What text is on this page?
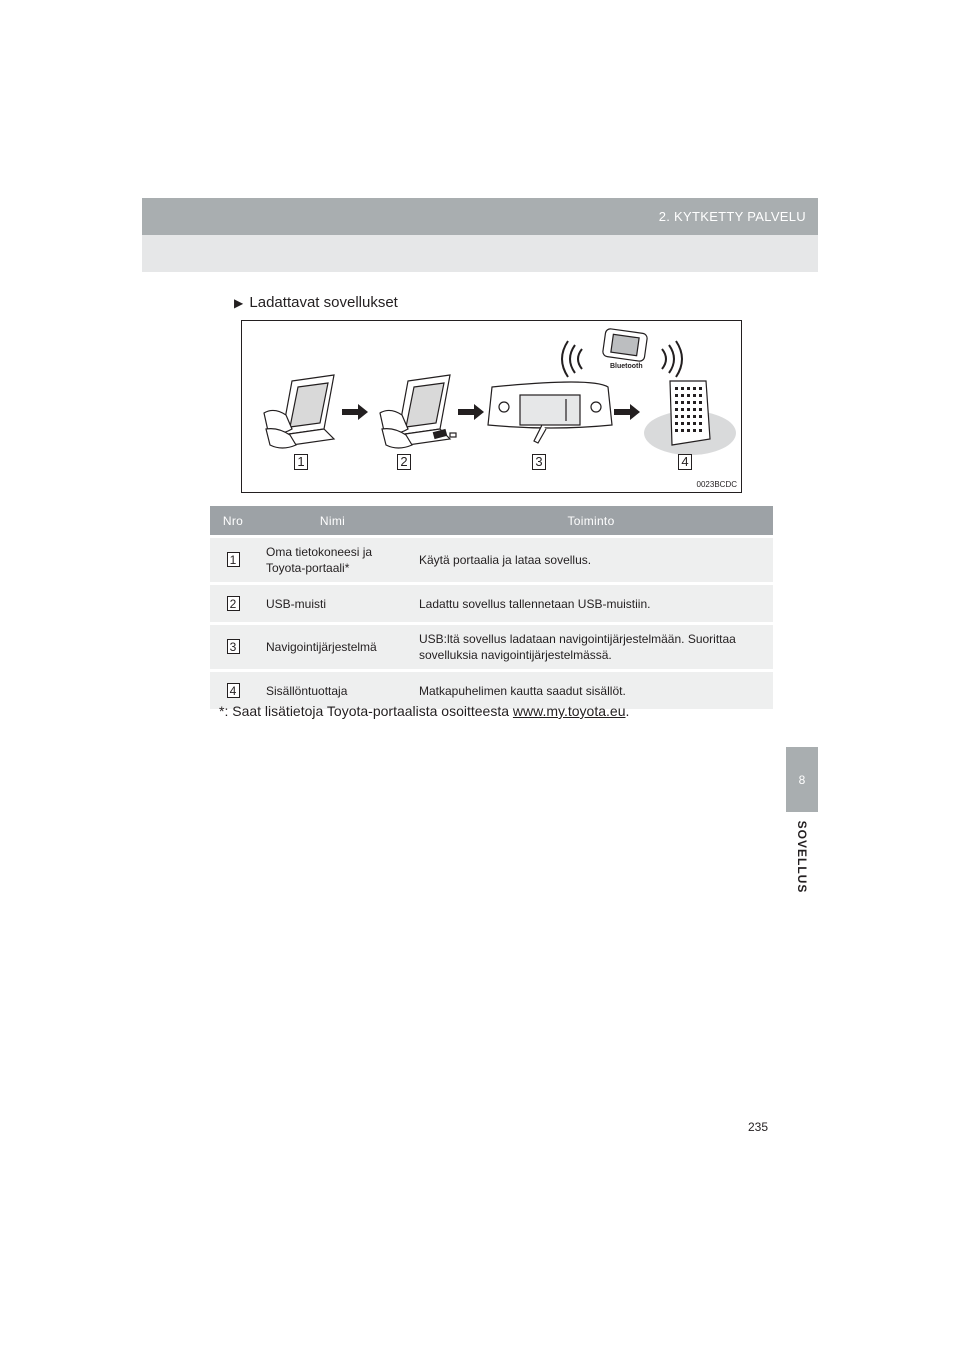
2. KYTKETTY PALVELU
8
SOVELLUS
▶ Ladattavat sovellukset
Bluetooth
1	2	3	4
0023BCDC
Nro	Nimi	Toiminto
1	Oma tietokoneesi ja Toyota-portaali*	Käytä portaalia ja lataa sovellus.
2	USB-muisti	Ladattu sovellus tallennetaan USB-muistiin.
3	Navigointijärjestelmä	USB:ltä sovellus ladataan navigointijärjestelmään. Suorittaa sovelluksia navigointijärjestelmässä.
4	Sisällöntuottaja	Matkapuhelimen kautta saadut sisällöt.
*: Saat lisätietoja Toyota-portaalista osoitteesta www.my.toyota.eu.
235
